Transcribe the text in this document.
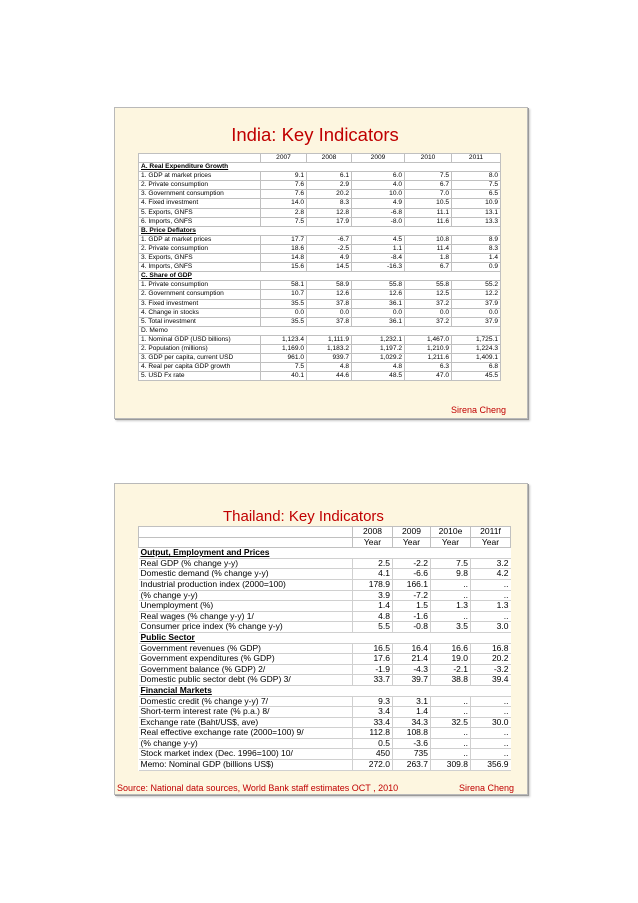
India: Key Indicators
	2007	2008	2009	2010	2011
A. Real Expenditure Growth					
1. GDP at market prices	9.1	6.1	6.0	7.5	8.0
2. Private consumption	7.6	2.9	4.0	6.7	7.5
3. Government consumption	7.6	20.2	10.0	7.0	6.5
4. Fixed investment	14.0	8.3	4.9	10.5	10.9
5. Exports, GNFS	2.8	12.8	-6.8	11.1	13.1
6. Imports, GNFS	7.5	17.9	-8.0	11.6	13.3
B. Price Deflators					
1. GDP at market prices	17.7	-6.7	4.5	10.8	8.9
2. Private consumption	18.6	-2.5	1.1	11.4	8.3
3. Exports, GNFS	14.8	4.9	-8.4	1.8	1.4
4. Imports, GNFS	15.6	14.5	-16.3	6.7	0.9
C. Share of GDP					
1. Private consumption	58.1	58.9	55.8	55.8	55.2
2. Government consumption	10.7	12.6	12.6	12.5	12.2
3. Fixed investment	35.5	37.8	36.1	37.2	37.9
4. Change in stocks	0.0	0.0	0.0	0.0	0.0
5. Total investment	35.5	37.8	36.1	37.2	37.9
D. Memo					
1. Nominal GDP (USD billions)	1,123.4	1,111.9	1,232.1	1,467.0	1,725.1
2. Population (millions)	1,169.0	1,183.2	1,197.2	1,210.9	1,224.3
3. GDP per capita, current USD	961.0	939.7	1,029.2	1,211.6	1,409.1
4. Real per capita GDP growth	7.5	4.8	4.8	6.3	6.8
5. USD Fx rate	40.1	44.6	48.5	47.0	45.5
Sirena Cheng
Thailand: Key Indicators
	2008	2009	2010e	2011f
	Year	Year	Year	Year
Output, Employment and Prices				
Real GDP (% change y-y)	2.5	-2.2	7.5	3.2
Domestic demand (% change y-y)	4.1	-6.6	9.8	4.2
Industrial production index (2000=100)	178.9	166.1	..	..
(% change y-y)	3.9	-7.2	..	..
Unemployment (%)	1.4	1.5	1.3	1.3
Real wages (% change y-y) 1/	4.8	-1.6	..	..
Consumer price index (% change y-y)	5.5	-0.8	3.5	3.0
Public Sector				
Government revenues (% GDP)	16.5	16.4	16.6	16.8
Government expenditures (% GDP)	17.6	21.4	19.0	20.2
Government balance (% GDP) 2/	-1.9	-4.3	-2.1	-3.2
Domestic public sector debt (% GDP) 3/	33.7	39.7	38.8	39.4
Financial Markets				
Domestic credit (% change y-y) 7/	9.3	3.1	..	..
Short-term interest rate (% p.a.) 8/	3.4	1.4	..	..
Exchange rate (Baht/US$, ave)	33.4	34.3	32.5	30.0
Real effective exchange rate (2000=100) 9/	112.8	108.8	..	..
(% change y-y)	0.5	-3.6	..	..
Stock market index (Dec. 1996=100) 10/	450	735	..	..
Memo: Nominal GDP (billions US$)	272.0	263.7	309.8	356.9
Source: National data sources, World Bank staff estimates OCT , 2010	Sirena Cheng
